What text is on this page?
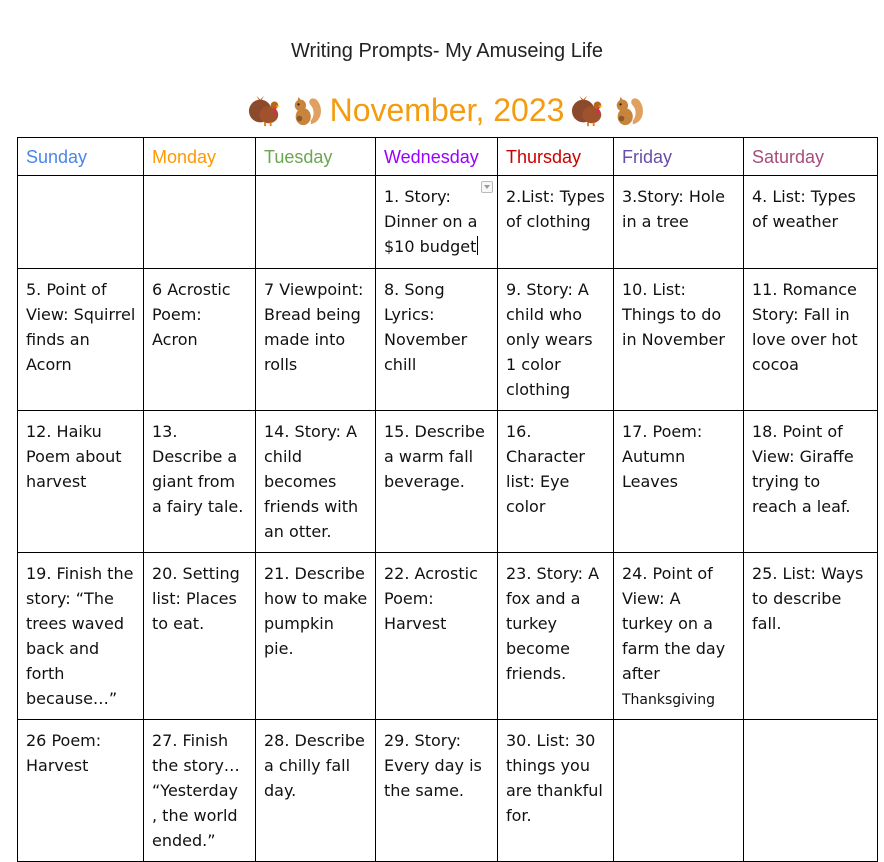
Writing Prompts- My Amuseing Life
November, 2023
Sunday	Monday	Tuesday	Wednesday	Thursday	Friday	Saturday
			1. Story: Dinner on a $10 budget	2.List: Types of clothing	3.Story: Hole in a tree	4. List: Types of weather
5. Point of View: Squirrel finds an Acorn	6 Acrostic Poem: Acron	7 Viewpoint: Bread being made into rolls	8. Song Lyrics: November chill	9. Story: A child who only wears 1 color clothing	10. List: Things to do in November	11. Romance Story: Fall in love over hot cocoa
12. Haiku Poem about harvest	13. Describe a giant from a fairy tale.	14. Story: A child becomes friends with an otter.	15. Describe a warm fall beverage.	16. Character list: Eye color	17. Poem: Autumn Leaves	18. Point of View: Giraffe trying to reach a leaf.
19. Finish the story: “The trees waved back and forth because…”	20. Setting list: Places to eat.	21. Describe how to make pumpkin pie.	22. Acrostic Poem: Harvest	23. Story: A fox and a turkey become friends.	24. Point of View: A turkey on a farm the day after Thanksgiving	25. List: Ways to describe fall.
26 Poem: Harvest	27. Finish the story… “Yesterday , the world ended.”	28. Describe a chilly fall day.	29. Story: Every day is the same.	30. List: 30 things you are thankful for.		
